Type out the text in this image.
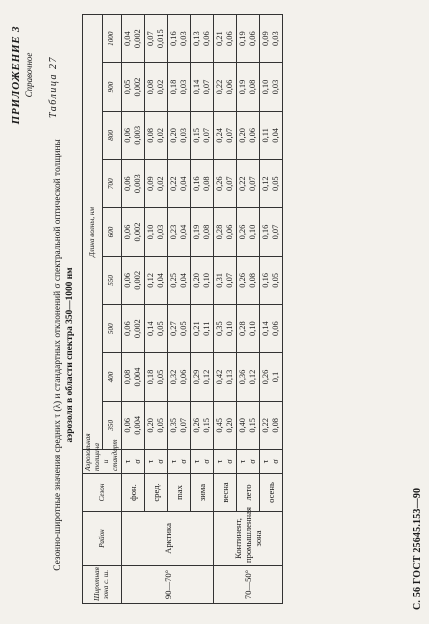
С. 56 ГОСТ 25645.153—90
ПРИЛОЖЕНИЕ 3 Справочное Таблица 27
Сезонно-широтные значения средних τ (λ) и стандартных отклонений σ спектральной оптической толщины аэрозоля в области спектра 350—1000 нм
Широтная зона с. ш.	Район	Сезон	Аэрозольная толщина и стандарт	Длина волны, нм								
				350	400	500	550	600	700	800	900	1000
90—70°	Арктика	фон.	τ σ	0,06 0,004	0,08 0,004	0,06 0,002	0,06 0,002	0,06 0,002	0,06 0,003	0,06 0,003	0,05 0,002	0,04 0,002

		сред.	τ σ	0,20 0,05	0,18 0,05	0,14 0,05	0,12 0,04	0,10 0,03	0,09 0,02	0,08 0,02	0,08 0,02	0,07 0,015

		max	τ σ	0,35 0,07	0,32 0,06	0,27 0,05	0,25 0,04	0,23 0,04	0,22 0,04	0,20 0,03	0,18 0,03	0,16 0,03

		зима	τ σ	0,26 0,15	0,29 0,12	0,21 0,11	0,20 0,10	0,19 0,08	0,16 0,08	0,15 0,07	0,14 0,07	0,13 0,06

70—50°	Континент, промышленная зона	весна	τ σ	0,45 0,20	0,42 0,13	0,35 0,10	0,31 0,07	0,28 0,06	0,26 0,07	0,24 0,07	0,22 0,06	0,21 0,06

		лето	τ σ	0,40 0,15	0,36 0,12	0,28 0,10	0,26 0,08	0,26 0,10	0,22 0,07	0,20 0,06	0,19 0,08	0,19 0,06

		осень	τ σ	0,22 0,08	0,26 0,1	0,14 0,06	0,16 0,05	0,16 0,07	0,12 0,05	0,11 0,04	0,10 0,03	0,09 0,03
